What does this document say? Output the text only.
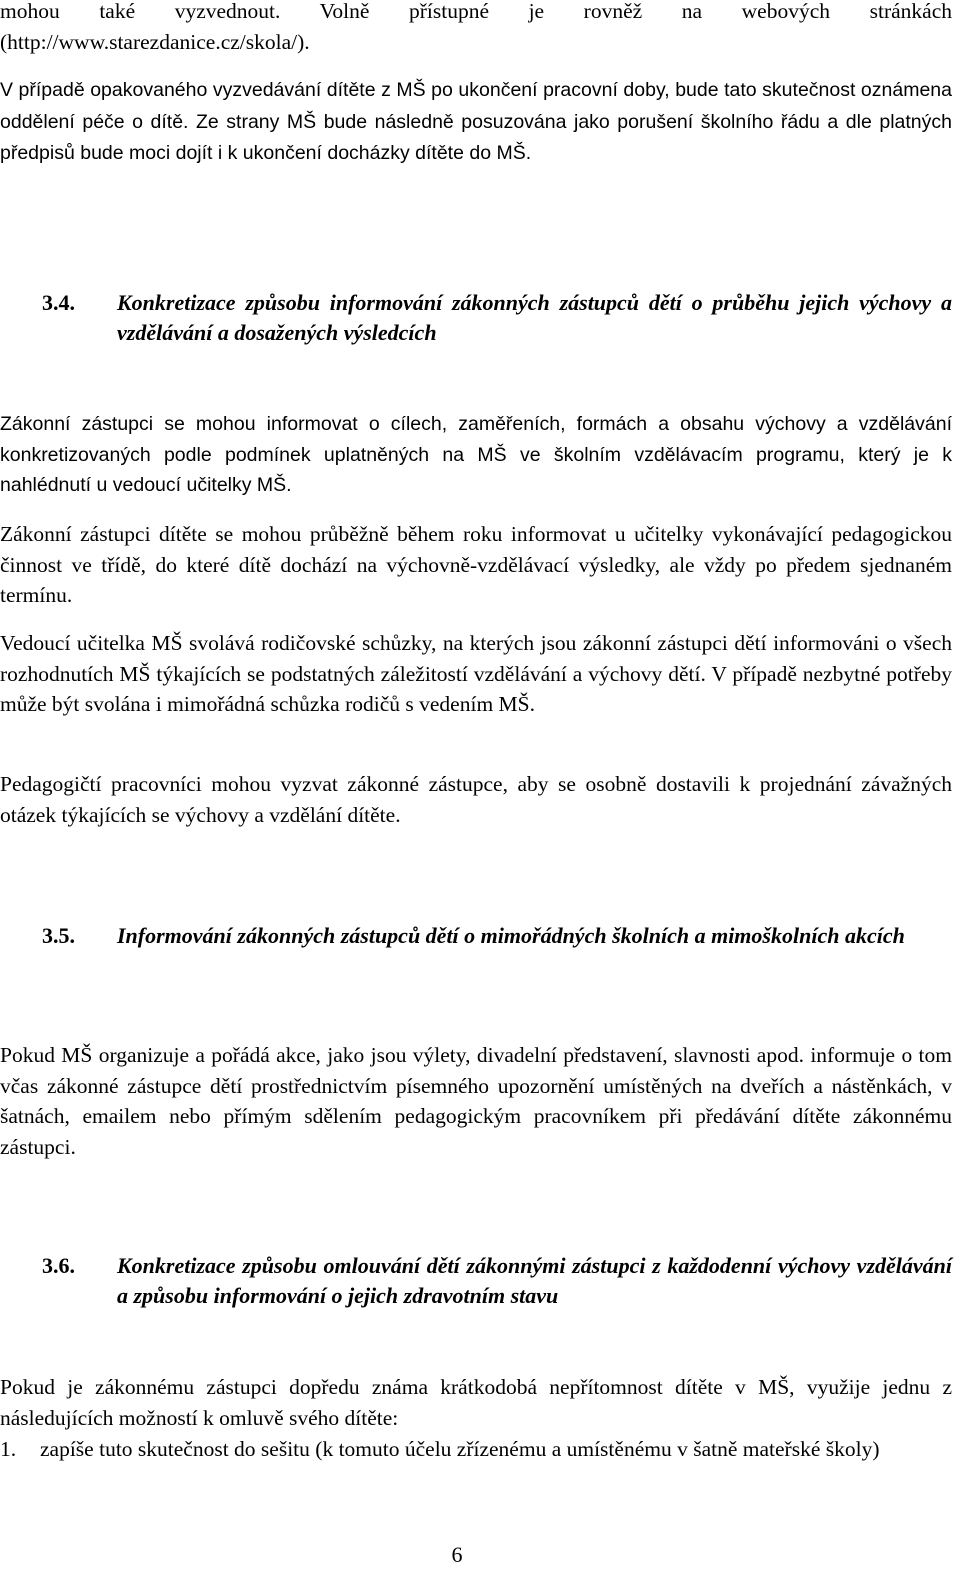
mohou také vyzvednout. Volně přístupné je rovněž na webových stránkách (http://www.starezdanice.cz/skola/).

V případě opakovaného vyzvedávání dítěte z MŠ po ukončení pracovní doby, bude tato skutečnost oznámena oddělení péče o dítě. Ze strany MŠ bude následně posuzována jako porušení školního řádu a dle platných předpisů bude moci dojít i k ukončení docházky dítěte do MŠ.

3.4. Konkretizace způsobu informování zákonných zástupců dětí o průběhu jejich výchovy a vzdělávání a dosažených výsledcích

Zákonní zástupci se mohou informovat o cílech, zaměřeních, formách a obsahu výchovy a vzdělávání konkretizovaných podle podmínek uplatněných na MŠ ve školním vzdělávacím programu, který je k nahlédnutí u vedoucí učitelky MŠ.

Zákonní zástupci dítěte se mohou průběžně během roku informovat u učitelky vykonávající pedagogickou činnost ve třídě, do které dítě dochází na výchovně-vzdělávací výsledky, ale vždy po předem sjednaném termínu.

Vedoucí učitelka MŠ svolává rodičovské schůzky, na kterých jsou zákonní zástupci dětí informováni o všech rozhodnutích MŠ týkajících se podstatných záležitostí vzdělávání a výchovy dětí. V případě nezbytné potřeby může být svolána i mimořádná schůzka rodičů s vedením MŠ.

Pedagogičtí pracovníci mohou vyzvat zákonné zástupce, aby se osobně dostavili k projednání závažných otázek týkajících se výchovy a vzdělání dítěte.

3.5. Informování zákonných zástupců dětí o mimořádných školních a mimoškolních akcích

Pokud MŠ organizuje a pořádá akce, jako jsou výlety, divadelní představení, slavnosti apod. informuje o tom včas zákonné zástupce dětí prostřednictvím písemného upozornění umístěných na dveřích a nástěnkách, v šatnách, emailem nebo přímým sdělením pedagogickým pracovníkem při předávání dítěte zákonnému zástupci.

3.6. Konkretizace způsobu omlouvání dětí zákonnými zástupci z každodenní výchovy vzdělávání a způsobu informování o jejich zdravotním stavu

Pokud je zákonnému zástupci dopředu známa krátkodobá nepřítomnost dítěte v MŠ, využije jednu z následujících možností k omluvě svého dítěte:

1. zapíše tuto skutečnost do sešitu (k tomuto účelu zřízenému a umístěnému v šatně mateřské školy)
6
